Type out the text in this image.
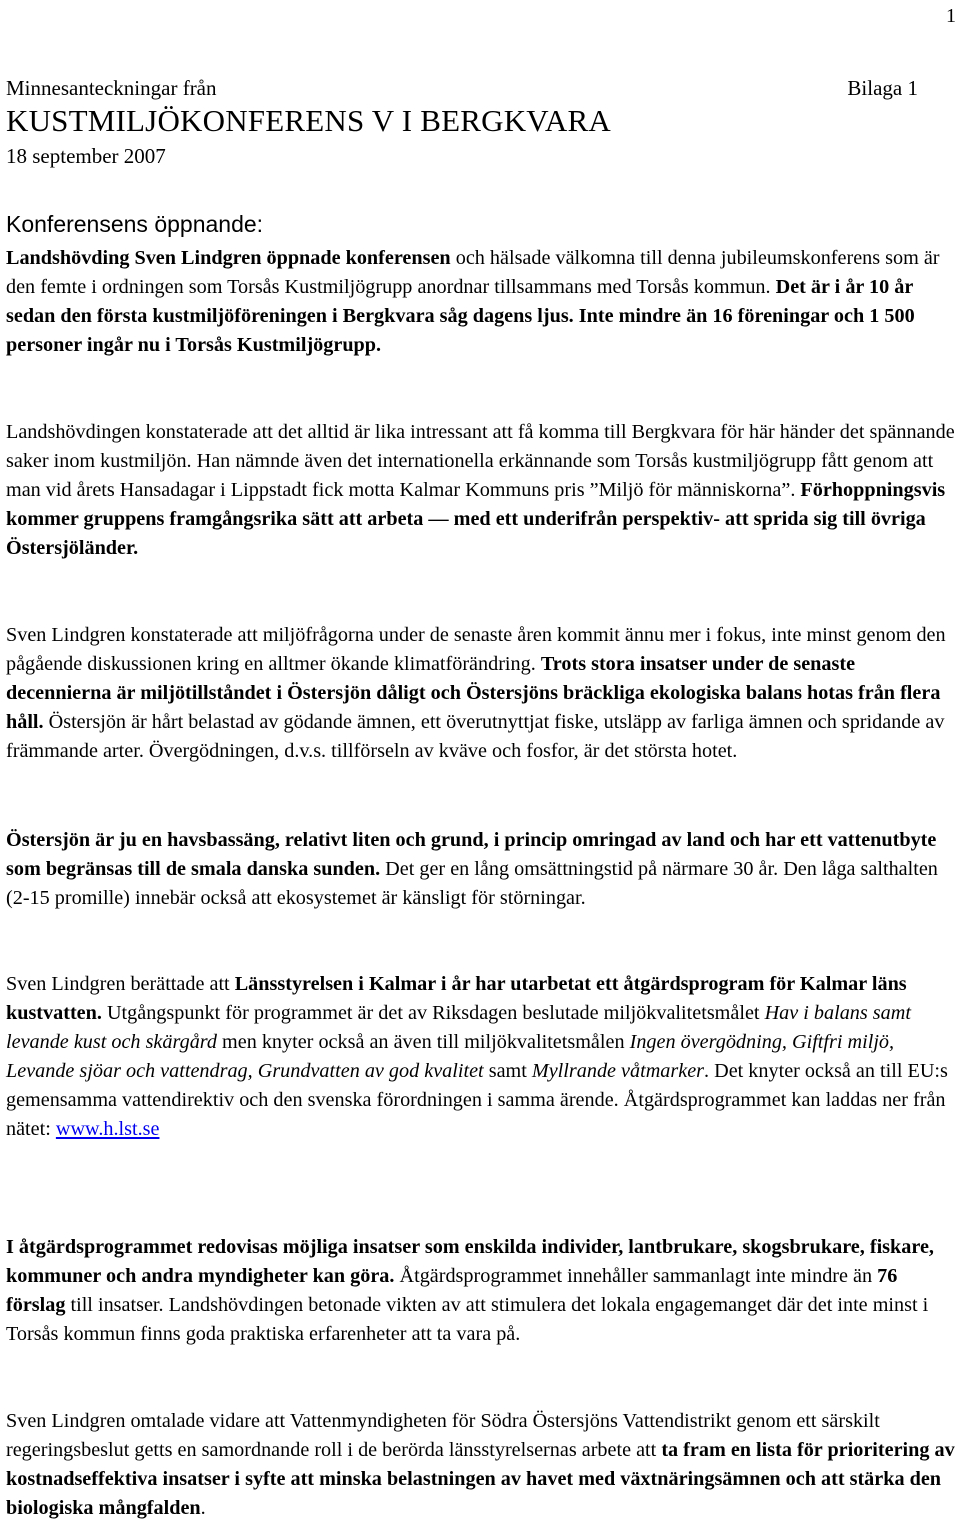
1
Minnesanteckningar från	Bilaga 1
KUSTMILJÖKONFERENS V I BERGKVARA
18 september 2007
Konferensens öppnande:

Landshövding Sven Lindgren öppnade konferensen och hälsade välkomna till denna jubileumskonferens som är den femte i ordningen som Torsås Kustmiljögrupp anordnar tillsammans med Torsås kommun. Det är i år 10 år sedan den första kustmiljöföreningen i Bergkvara såg dagens ljus. Inte mindre än 16 föreningar och 1 500 personer ingår nu i Torsås Kustmiljögrupp.

Landshövdingen konstaterade att det alltid är lika intressant att få komma till Bergkvara för här händer det spännande saker inom kustmiljön. Han nämnde även det internationella erkännande som Torsås kustmiljögrupp fått genom att man vid årets Hansadagar i Lippstadt fick motta Kalmar Kommuns pris ”Miljö för människorna”. Förhoppningsvis kommer gruppens framgångsrika sätt att arbeta — med ett underifrån perspektiv- att sprida sig till övriga Östersjöländer.

Sven Lindgren konstaterade att miljöfrågorna under de senaste åren kommit ännu mer i fokus, inte minst genom den pågående diskussionen kring en alltmer ökande klimatförändring. Trots stora insatser under de senaste decennierna är miljötillståndet i Östersjön dåligt och Östersjöns bräckliga ekologiska balans hotas från flera håll. Östersjön är hårt belastad av gödande ämnen, ett överutnyttjat fiske, utsläpp av farliga ämnen och spridande av främmande arter. Övergödningen, d.v.s. tillförseln av kväve och fosfor, är det största hotet.

Östersjön är ju en havsbassäng, relativt liten och grund, i princip omringad av land och har ett vattenutbyte som begränsas till de smala danska sunden. Det ger en lång omsättningstid på närmare 30 år. Den låga salthalten (2-15 promille) innebär också att ekosystemet är känsligt för störningar.

Sven Lindgren berättade att Länsstyrelsen i Kalmar i år har utarbetat ett åtgärdsprogram för Kalmar läns kustvatten. Utgångspunkt för programmet är det av Riksdagen beslutade miljökvalitetsmålet Hav i balans samt levande kust och skärgård men knyter också an även till miljökvalitetsmålen Ingen övergödning, Giftfri miljö, Levande sjöar och vattendrag, Grundvatten av god kvalitet samt Myllrande våtmarker. Det knyter också an till EU:s gemensamma vattendirektiv och den svenska förordningen i samma ärende. Åtgärdsprogrammet kan laddas ner från nätet: www.h.lst.se

I åtgärdsprogrammet redovisas möjliga insatser som enskilda individer, lantbrukare, skogsbrukare, fiskare, kommuner och andra myndigheter kan göra. Åtgärdsprogrammet innehåller sammanlagt inte mindre än 76 förslag till insatser. Landshövdingen betonade vikten av att stimulera det lokala engagemanget där det inte minst i Torsås kommun finns goda praktiska erfarenheter att ta vara på.

Sven Lindgren omtalade vidare att Vattenmyndigheten för Södra Östersjöns Vattendistrikt genom ett särskilt regeringsbeslut getts en samordnande roll i de berörda länsstyrelsernas arbete att ta fram en lista för prioritering av kostnadseffektiva insatser i syfte att minska belastningen av havet med växtnäringsämnen och att stärka den biologiska mångfalden.
